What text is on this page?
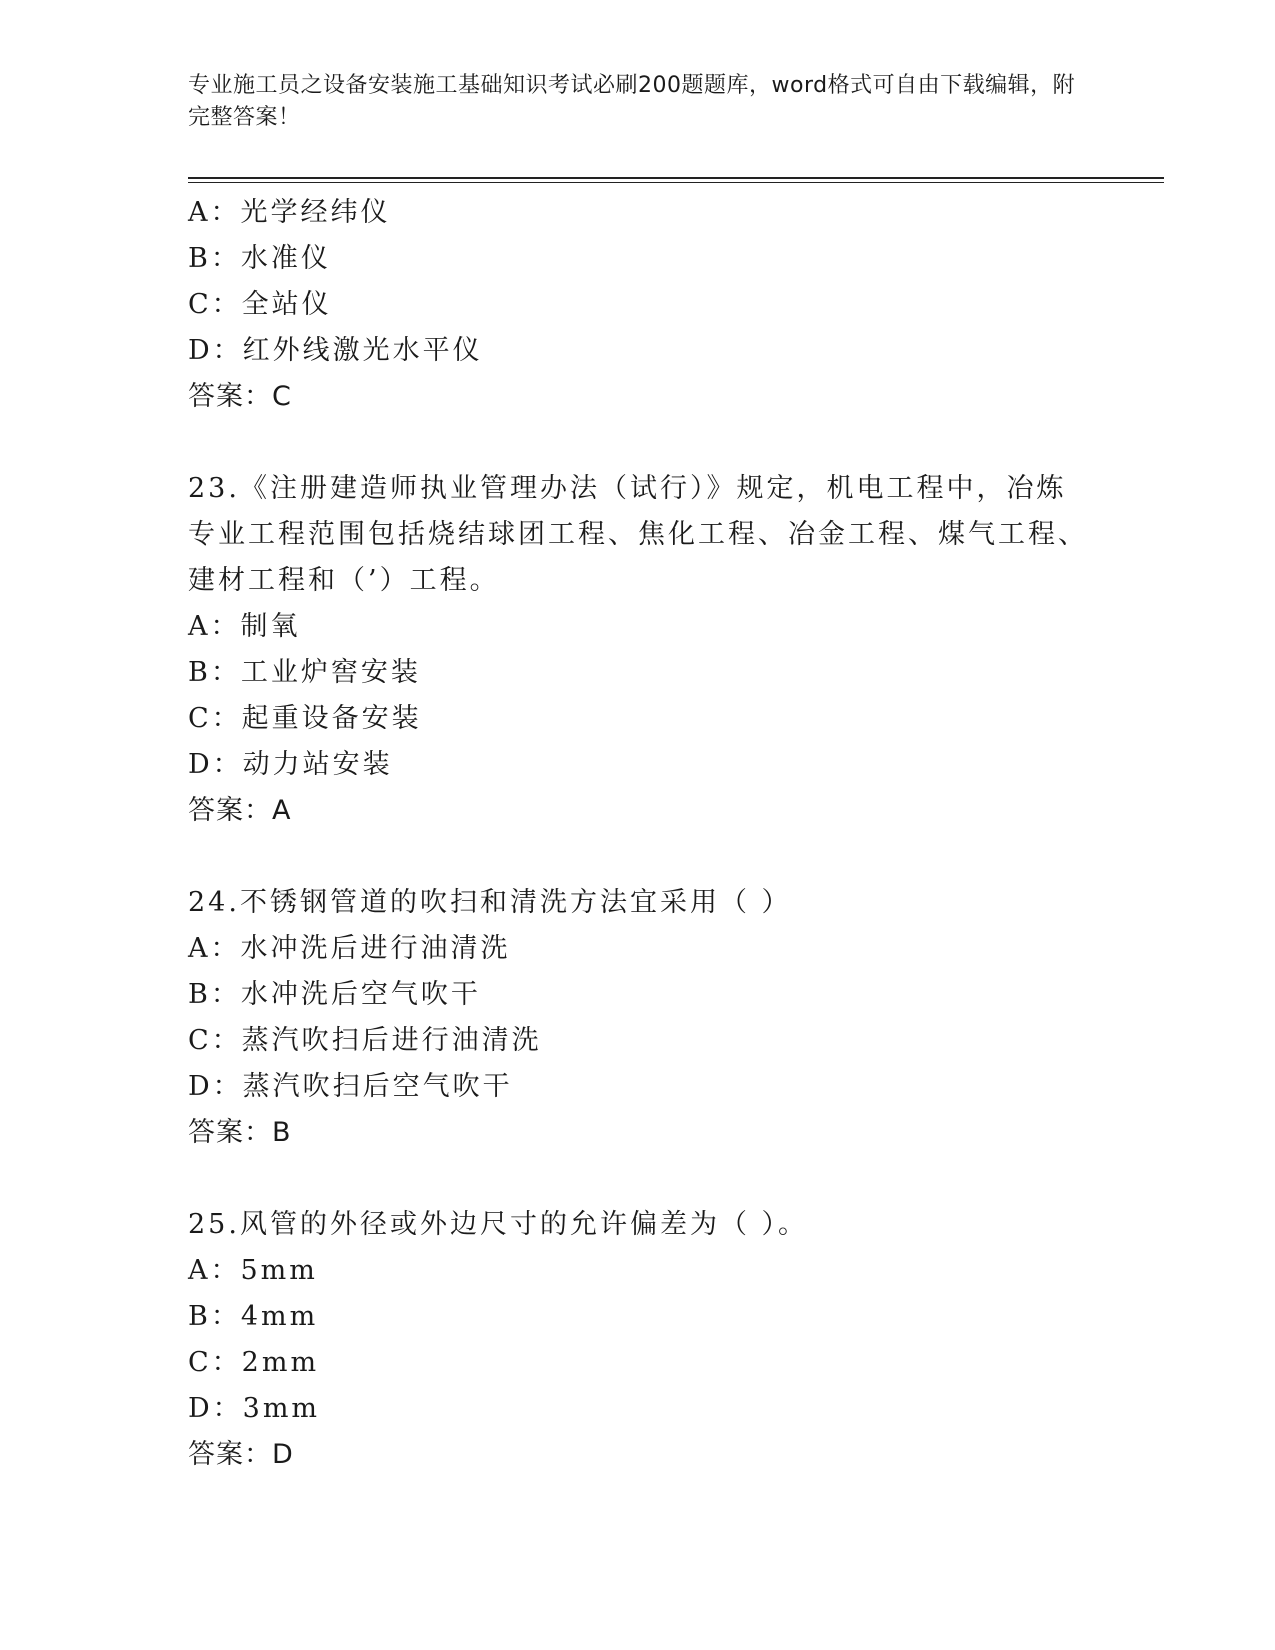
专业施工员之设备安装施工基础知识考试必刷200题题库，word格式可自由下载编辑，附完整答案！
A：光学经纬仪
B：水准仪
C：全站仪
D：红外线激光水平仪
答案：C
23.《注册建造师执业管理办法（试行）》规定，机电工程中，冶炼专业工程范围包括烧结球团工程、焦化工程、冶金工程、煤气工程、建材工程和（’）工程。
A：制氧
B：工业炉窖安装
C：起重设备安装
D：动力站安装
答案：A
24.不锈钢管道的吹扫和清洗方法宜采用（ ）
A：水冲洗后进行油清洗
B：水冲洗后空气吹干
C：蒸汽吹扫后进行油清洗
D：蒸汽吹扫后空气吹干
答案：B
25.风管的外径或外边尺寸的允许偏差为（ ）。
A：5mm
B：4mm
C：2mm
D：3mm
答案：D
